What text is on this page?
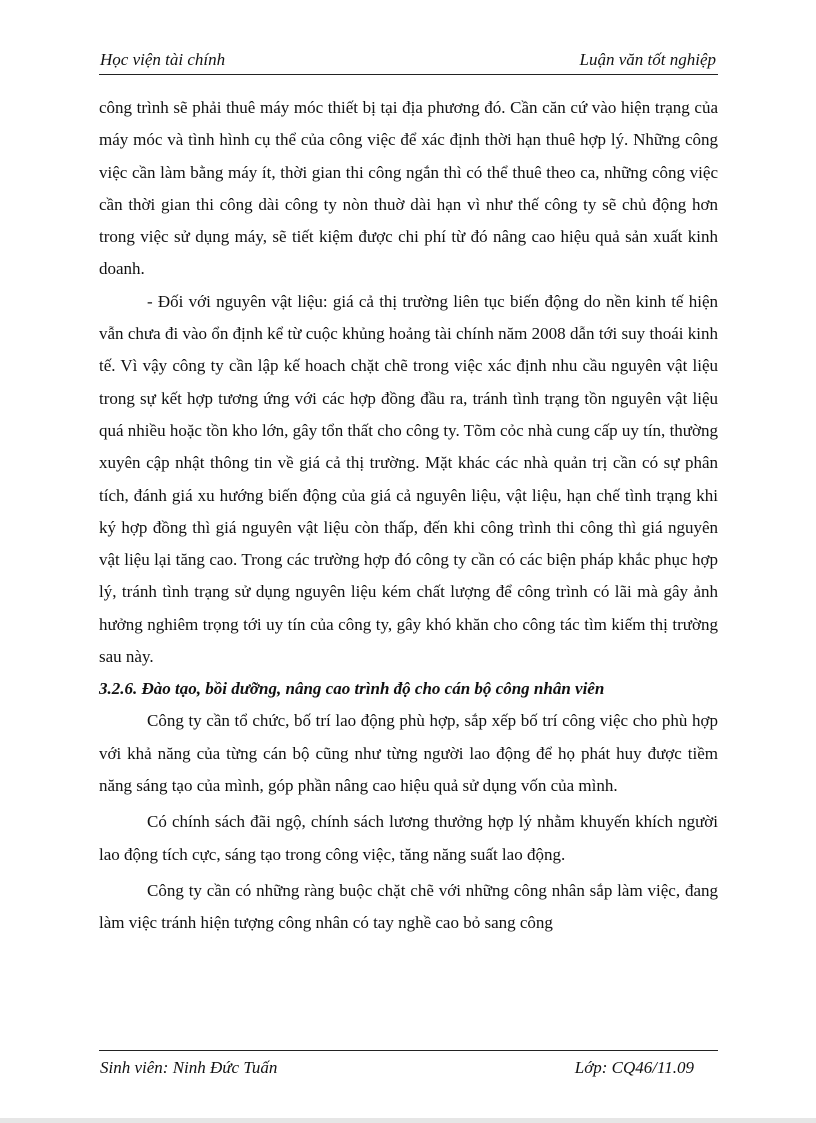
Học viện tài chính	Luận văn tốt nghiệp

công trình sẽ phải thuê máy móc thiết bị tại địa phương đó. Cần căn cứ vào hiện trạng của máy móc và tình hình cụ thể của công việc để xác định thời hạn thuê hợp lý. Những công việc cần làm bằng máy ít, thời gian thi công ngắn thì có thể thuê theo ca, những công việc cần thời gian thi công dài công ty nòn thuờ dài hạn vì như thế công ty sẽ chủ động hơn trong việc sử dụng máy, sẽ tiết kiệm được chi phí từ đó nâng cao hiệu quả sản xuất kinh doanh.

- Đối với nguyên vật liệu: giá cả thị trường liên tục biến động do nền kinh tế hiện vẫn chưa đi vào ổn định kể từ cuộc khủng hoảng tài chính năm 2008 dẫn tới suy thoái kinh tế. Vì vậy công ty cần lập kế hoach chặt chẽ trong việc xác định nhu cầu nguyên vật liệu trong sự kết hợp tương ứng với các hợp đồng đầu ra, tránh tình trạng tồn nguyên vật liệu quá nhiều hoặc tồn kho lớn, gây tổn thất cho công ty. Tõm cỏc nhà cung cấp uy tín, thường xuyên cập nhật thông tin về giá cả thị trường. Mặt khác các nhà quản trị cần có sự phân tích, đánh giá xu hướng biến động của giá cả nguyên liệu, vật liệu, hạn chế tình trạng khi ký hợp đồng thì giá nguyên vật liệu còn thấp, đến khi công trình thi công thì giá nguyên vật liệu lại tăng cao. Trong các trường hợp đó công ty cần có các biện pháp khắc phục hợp lý, tránh tình trạng sử dụng nguyên liệu kém chất lượng để công trình có lãi mà gây ảnh hưởng nghiêm trọng tới uy tín của công ty, gây khó khăn cho công tác tìm kiếm thị trường sau này.

3.2.6. Đào tạo, bồi dưỡng, nâng cao trình độ cho cán bộ công nhân viên

Công ty cần tổ chức, bố trí lao động phù hợp, sắp xếp bố trí công việc cho phù hợp với khả năng của từng cán bộ cũng như từng người lao động để họ phát huy được tiềm năng sáng tạo của mình, góp phần nâng cao hiệu quả sử dụng vốn của mình.

Có chính sách đãi ngộ, chính sách lương thưởng hợp lý nhằm khuyến khích người lao động tích cực, sáng tạo trong công việc, tăng năng suất lao động.

Công ty cần có những ràng buộc chặt chẽ với những công nhân sắp làm việc, đang làm việc tránh hiện tượng công nhân có tay nghề cao bỏ sang công

Sinh viên: Ninh Đức Tuấn	Lớp: CQ46/11.09
